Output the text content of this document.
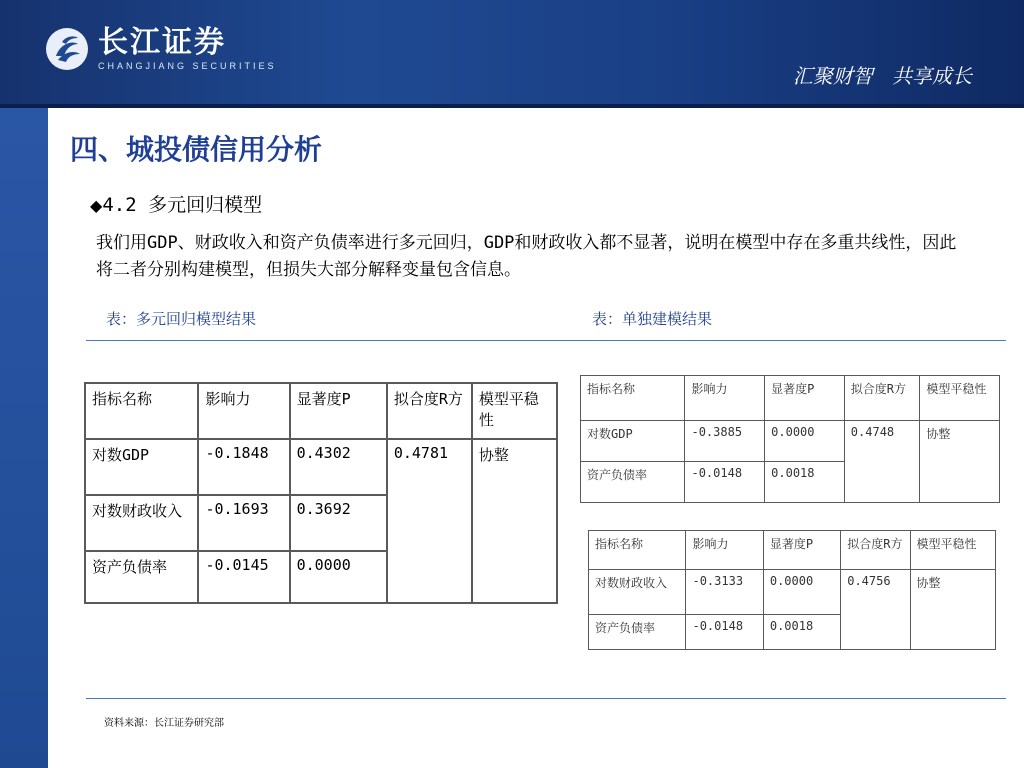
长江证券
CHANGJIANG SECURITIES	汇聚财智   共享成长
四、城投债信用分析
◆4.2 多元回归模型
我们用GDP、财政收入和资产负债率进行多元回归，GDP和财政收入都不显著，说明在模型中存在多重共线性，因此将二者分别构建模型，但损失大部分解释变量包含信息。
表：多元回归模型结果	表：单独建模结果
指标名称	影响力	显著度P	拟合度R方	模型平稳性
对数GDP	-0.1848	0.4302	0.4781	协整
对数财政收入	-0.1693	0.3692		
资产负债率	-0.0145	0.0000		
指标名称	影响力	显著度P	拟合度R方	模型平稳性
对数GDP	-0.3885	0.0000	0.4748	协整
资产负债率	-0.0148	0.0018		
指标名称	影响力	显著度P	拟合度R方	模型平稳性
对数财政收入	-0.3133	0.0000	0.4756	协整
资产负债率	-0.0148	0.0018		
资料来源：长江证券研究部
